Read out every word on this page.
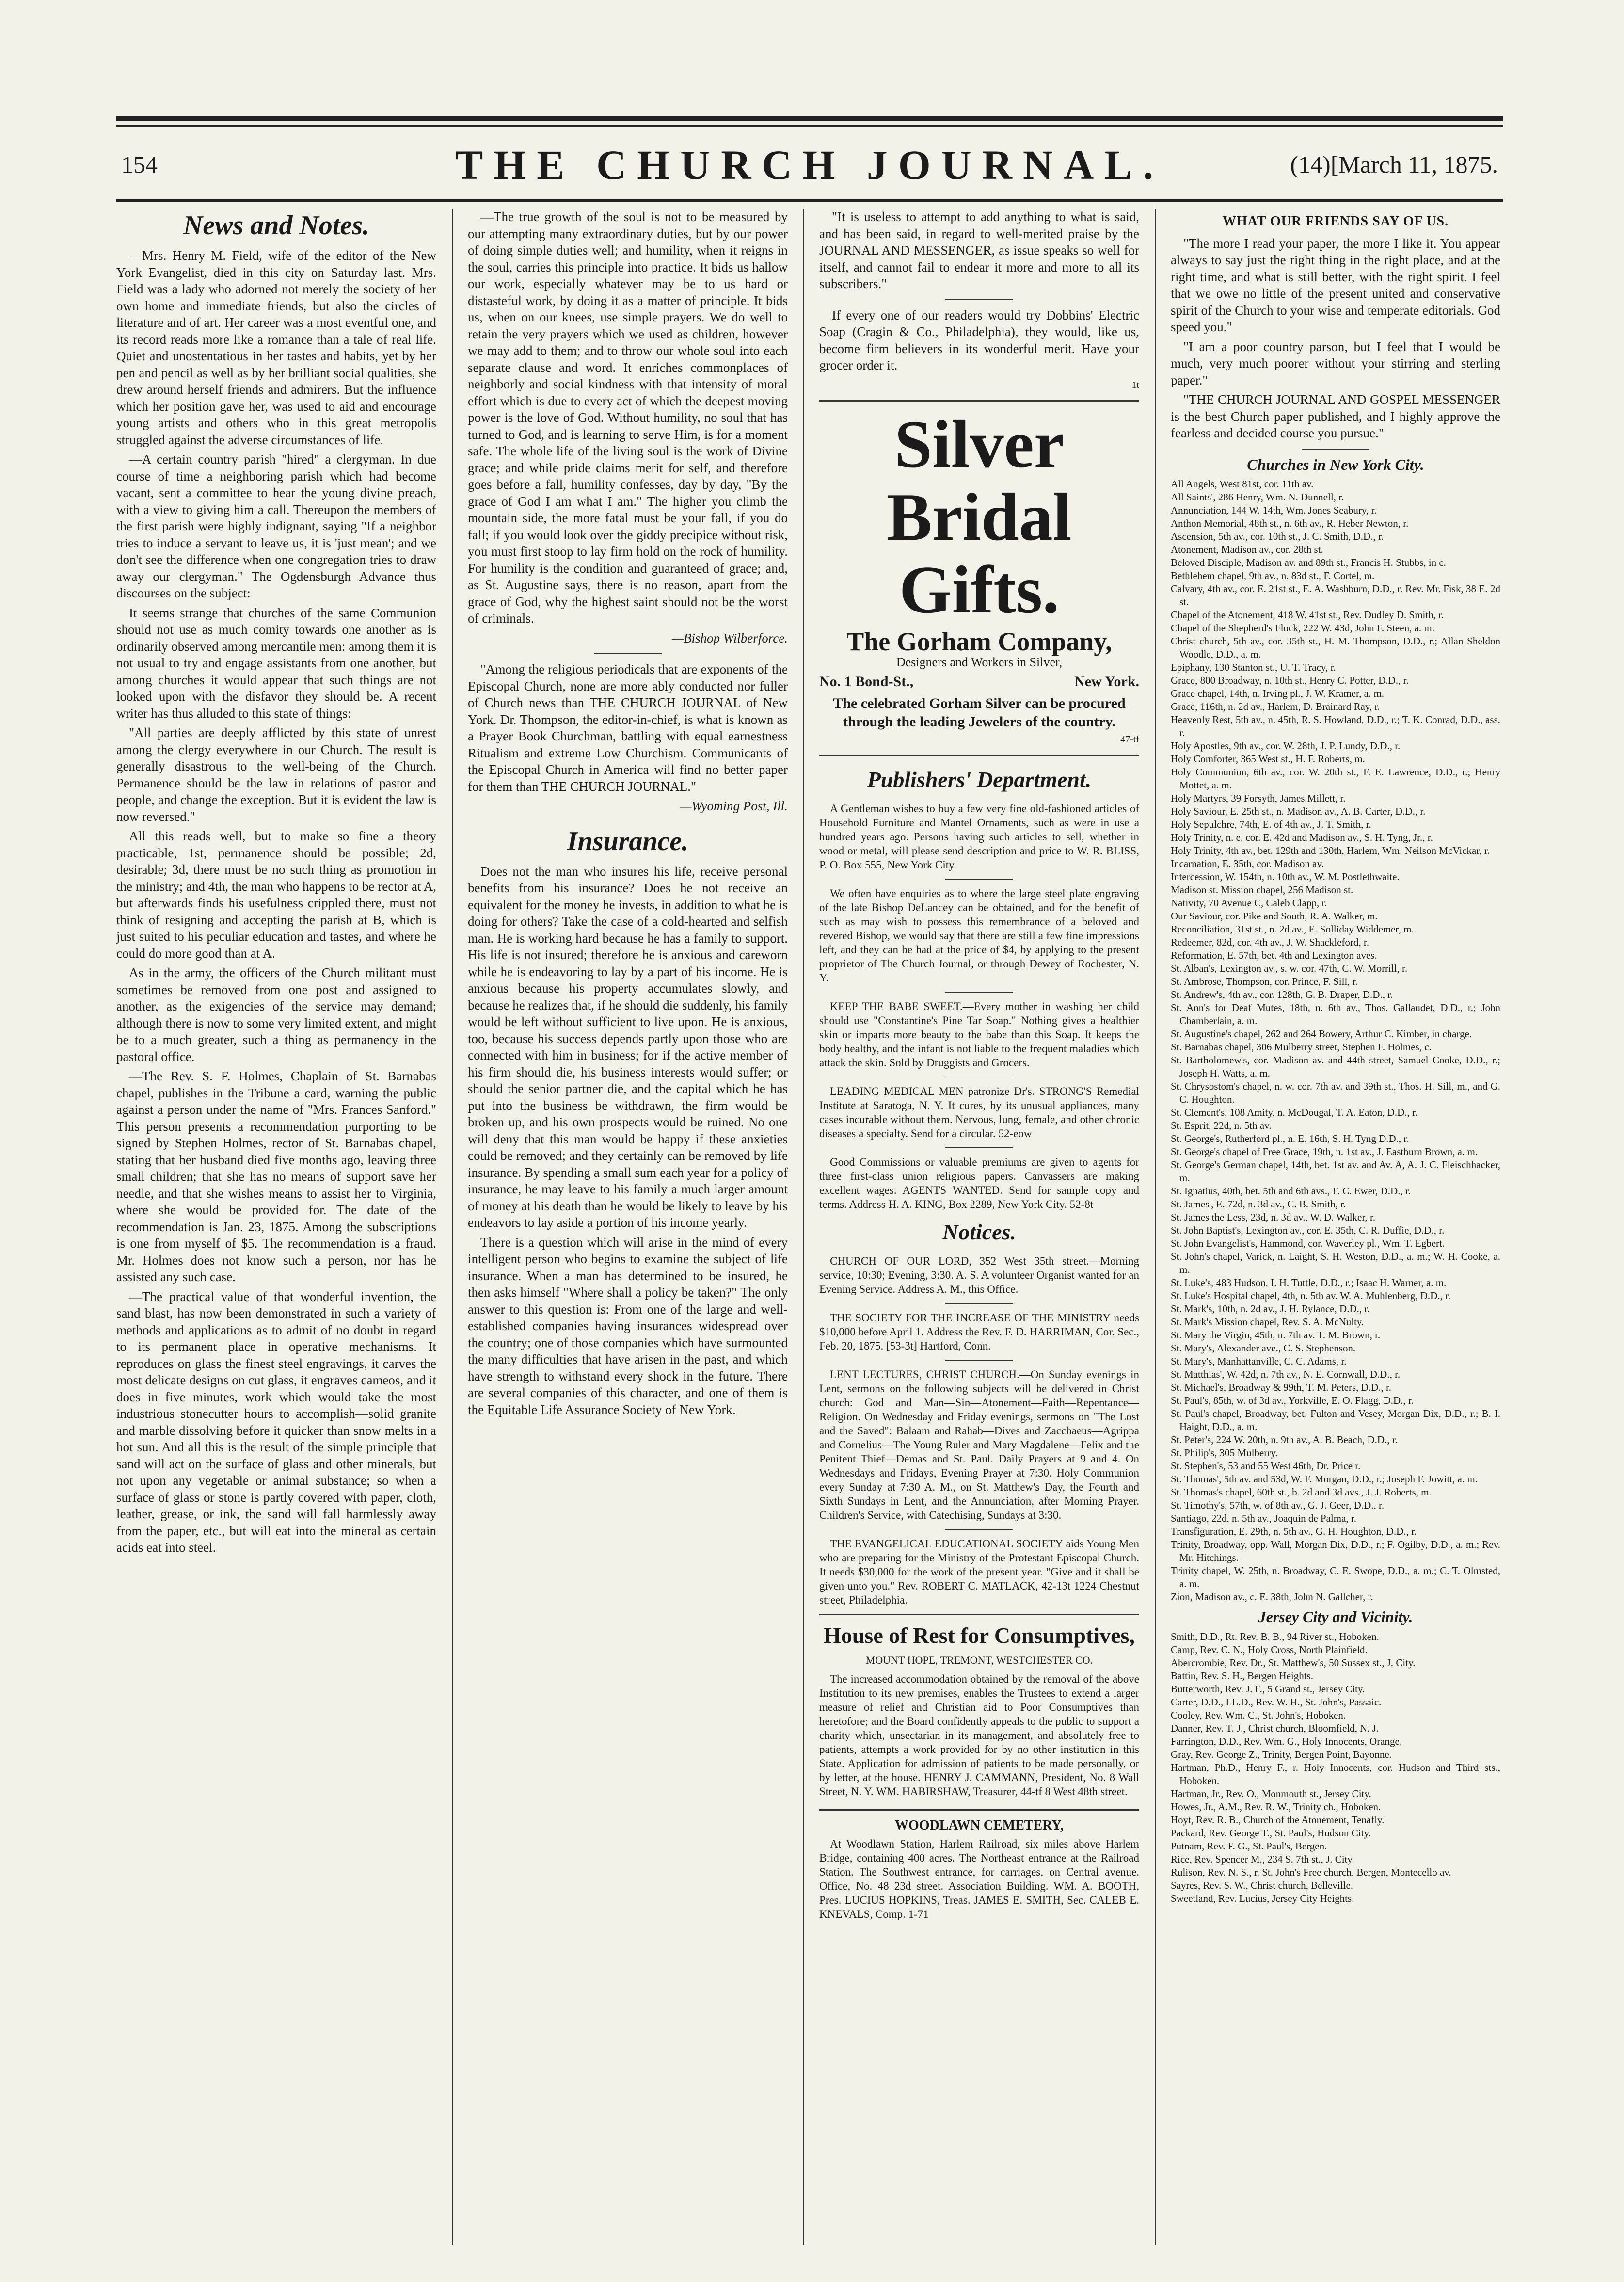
154	THE CHURCH JOURNAL.	(14)[March 11, 1875.
News and Notes.

—Mrs. Henry M. Field, wife of the editor of the New York Evangelist, died in this city on Saturday last. Mrs. Field was a lady who adorned not merely the society of her own home and immediate friends, but also the circles of literature and of art. Her career was a most eventful one, and its record reads more like a romance than a tale of real life. Quiet and unostentatious in her tastes and habits, yet by her pen and pencil as well as by her brilliant social qualities, she drew around herself friends and admirers. But the influence which her position gave her, was used to aid and encourage young artists and others who in this great metropolis struggled against the adverse circumstances of life.

—A certain country parish "hired" a clergyman. In due course of time a neighboring parish which had become vacant, sent a committee to hear the young divine preach, with a view to giving him a call. Thereupon the members of the first parish were highly indignant, saying "If a neighbor tries to induce a servant to leave us, it is 'just mean'; and we don't see the difference when one congregation tries to draw away our clergyman." The Ogdensburgh Advance thus discourses on the subject:

It seems strange that churches of the same Communion should not use as much comity towards one another as is ordinarily observed among mercantile men: among them it is not usual to try and engage assistants from one another, but among churches it would appear that such things are not looked upon with the disfavor they should be. A recent writer has thus alluded to this state of things:

"All parties are deeply afflicted by this state of unrest among the clergy everywhere in our Church. The result is generally disastrous to the well-being of the Church. Permanence should be the law in relations of pastor and people, and change the exception. But it is evident the law is now reversed."

All this reads well, but to make so fine a theory practicable, 1st, permanence should be possible; 2d, desirable; 3d, there must be no such thing as promotion in the ministry; and 4th, the man who happens to be rector at A, but afterwards finds his usefulness crippled there, must not think of resigning and accepting the parish at B, which is just suited to his peculiar education and tastes, and where he could do more good than at A.

As in the army, the officers of the Church militant must sometimes be removed from one post and assigned to another, as the exigencies of the service may demand; although there is now to some very limited extent, and might be to a much greater, such a thing as permanency in the pastoral office.

—The Rev. S. F. Holmes, Chaplain of St. Barnabas chapel, publishes in the Tribune a card, warning the public against a person under the name of "Mrs. Frances Sanford." This person presents a recommendation purporting to be signed by Stephen Holmes, rector of St. Barnabas chapel, stating that her husband died five months ago, leaving three small children; that she has no means of support save her needle, and that she wishes means to assist her to Virginia, where she would be provided for. The date of the recommendation is Jan. 23, 1875. Among the subscriptions is one from myself of $5. The recommendation is a fraud. Mr. Holmes does not know such a person, nor has he assisted any such case.

—The practical value of that wonderful invention, the sand blast, has now been demonstrated in such a variety of methods and applications as to admit of no doubt in regard to its permanent place in operative mechanisms. It reproduces on glass the finest steel engravings, it carves the most delicate designs on cut glass, it engraves cameos, and it does in five minutes, work which would take the most industrious stonecutter hours to accomplish—solid granite and marble dissolving before it quicker than snow melts in a hot sun. And all this is the result of the simple principle that sand will act on the surface of glass and other minerals, but not upon any vegetable or animal substance; so when a surface of glass or stone is partly covered with paper, cloth, leather, grease, or ink, the sand will fall harmlessly away from the paper, etc., but will eat into the mineral as certain acids eat into steel.

—The true growth of the soul is not to be measured by our attempting many extraordinary duties, but by our power of doing simple duties well; and humility, when it reigns in the soul, carries this principle into practice. It bids us hallow our work, especially whatever may be to us hard or distasteful work, by doing it as a matter of principle. It bids us, when on our knees, use simple prayers. We do well to retain the very prayers which we used as children, however we may add to them; and to throw our whole soul into each separate clause and word. It enriches commonplaces of neighborly and social kindness with that intensity of moral effort which is due to every act of which the deepest moving power is the love of God. Without humility, no soul that has turned to God, and is learning to serve Him, is for a moment safe. The whole life of the living soul is the work of Divine grace; and while pride claims merit for self, and therefore goes before a fall, humility confesses, day by day, "By the grace of God I am what I am." The higher you climb the mountain side, the more fatal must be your fall, if you do fall; if you would look over the giddy precipice without risk, you must first stoop to lay firm hold on the rock of humility. For humility is the condition and guaranteed of grace; and, as St. Augustine says, there is no reason, apart from the grace of God, why the highest saint should not be the worst of criminals.

—Bishop Wilberforce.

"Among the religious periodicals that are exponents of the Episcopal Church, none are more ably conducted nor fuller of Church news than THE CHURCH JOURNAL of New York. Dr. Thompson, the editor-in-chief, is what is known as a Prayer Book Churchman, battling with equal earnestness Ritualism and extreme Low Churchism. Communicants of the Episcopal Church in America will find no better paper for them than THE CHURCH JOURNAL."

—Wyoming Post, Ill.
Insurance.

Does not the man who insures his life, receive personal benefits from his insurance? Does he not receive an equivalent for the money he invests, in addition to what he is doing for others? Take the case of a cold-hearted and selfish man. He is working hard because he has a family to support. His life is not insured; therefore he is anxious and careworn while he is endeavoring to lay by a part of his income. He is anxious because his property accumulates slowly, and because he realizes that, if he should die suddenly, his family would be left without sufficient to live upon. He is anxious, too, because his success depends partly upon those who are connected with him in business; for if the active member of his firm should die, his business interests would suffer; or should the senior partner die, and the capital which he has put into the business be withdrawn, the firm would be broken up, and his own prospects would be ruined. No one will deny that this man would be happy if these anxieties could be removed; and they certainly can be removed by life insurance. By spending a small sum each year for a policy of insurance, he may leave to his family a much larger amount of money at his death than he would be likely to leave by his endeavors to lay aside a portion of his income yearly.

There is a question which will arise in the mind of every intelligent person who begins to examine the subject of life insurance. When a man has determined to be insured, he then asks himself "Where shall a policy be taken?" The only answer to this question is: From one of the large and well-established companies having insurances widespread over the country; one of those companies which have surmounted the many difficulties that have arisen in the past, and which have strength to withstand every shock in the future. There are several companies of this character, and one of them is the Equitable Life Assurance Society of New York.

"It is useless to attempt to add anything to what is said, and has been said, in regard to well-merited praise by the JOURNAL AND MESSENGER, as issue speaks so well for itself, and cannot fail to endear it more and more to all its subscribers."

If every one of our readers would try Dobbins' Electric Soap (Cragin & Co., Philadelphia), they would, like us, become firm believers in its wonderful merit. Have your grocer order it.

1t
Silver
Bridal Gifts.
The Gorham Company,
Designers and Workers in Silver,
No. 1 Bond-St.,	New York.
The celebrated Gorham Silver can be procured through the leading Jewelers of the country.
47-tf
Publishers' Department.

A Gentleman wishes to buy a few very fine old-fashioned articles of Household Furniture and Mantel Ornaments, such as were in use a hundred years ago. Persons having such articles to sell, whether in wood or metal, will please send description and price to W. R. BLISS, P. O. Box 555, New York City.

We often have enquiries as to where the large steel plate engraving of the late Bishop DeLancey can be obtained, and for the benefit of such as may wish to possess this remembrance of a beloved and revered Bishop, we would say that there are still a few fine impressions left, and they can be had at the price of $4, by applying to the present proprietor of The Church Journal, or through Dewey of Rochester, N. Y.

KEEP THE BABE SWEET.—Every mother in washing her child should use "Constantine's Pine Tar Soap." Nothing gives a healthier skin or imparts more beauty to the babe than this Soap. It keeps the body healthy, and the infant is not liable to the frequent maladies which attack the skin. Sold by Druggists and Grocers.

LEADING MEDICAL MEN patronize Dr's. STRONG'S Remedial Institute at Saratoga, N. Y. It cures, by its unusual appliances, many cases incurable without them. Nervous, lung, female, and other chronic diseases a specialty. Send for a circular. 52-eow

Good Commissions or valuable premiums are given to agents for three first-class union religious papers. Canvassers are making excellent wages. AGENTS WANTED. Send for sample copy and terms. Address H. A. KING, Box 2289, New York City. 52-8t

Notices.

CHURCH OF OUR LORD, 352 West 35th street.—Morning service, 10:30; Evening, 3:30. A. S. A volunteer Organist wanted for an Evening Service. Address A. M., this Office.

THE SOCIETY FOR THE INCREASE OF THE MINISTRY needs $10,000 before April 1. Address the Rev. F. D. HARRIMAN, Cor. Sec., Feb. 20, 1875. [53-3t] Hartford, Conn.

LENT LECTURES, CHRIST CHURCH.—On Sunday evenings in Lent, sermons on the following subjects will be delivered in Christ church: God and Man—Sin—Atonement—Faith—Repentance—Religion. On Wednesday and Friday evenings, sermons on "The Lost and the Saved": Balaam and Rahab—Dives and Zacchaeus—Agrippa and Cornelius—The Young Ruler and Mary Magdalene—Felix and the Penitent Thief—Demas and St. Paul. Daily Prayers at 9 and 4. On Wednesdays and Fridays, Evening Prayer at 7:30. Holy Communion every Sunday at 7:30 A. M., on St. Matthew's Day, the Fourth and Sixth Sundays in Lent, and the Annunciation, after Morning Prayer. Children's Service, with Catechising, Sundays at 3:30.

THE EVANGELICAL EDUCATIONAL SOCIETY aids Young Men who are preparing for the Ministry of the Protestant Episcopal Church. It needs $30,000 for the work of the present year. "Give and it shall be given unto you." Rev. ROBERT C. MATLACK, 42-13t 1224 Chestnut street, Philadelphia.

House of Rest for Consumptives,
MOUNT HOPE, TREMONT, WESTCHESTER CO.

The increased accommodation obtained by the removal of the above Institution to its new premises, enables the Trustees to extend a larger measure of relief and Christian aid to Poor Consumptives than heretofore; and the Board confidently appeals to the public to support a charity which, unsectarian in its management, and absolutely free to patients, attempts a work provided for by no other institution in this State. Application for admission of patients to be made personally, or by letter, at the house. HENRY J. CAMMANN, President, No. 8 Wall Street, N. Y. WM. HABIRSHAW, Treasurer, 44-tf 8 West 48th street.

WOODLAWN CEMETERY,

At Woodlawn Station, Harlem Railroad, six miles above Harlem Bridge, containing 400 acres. The Northeast entrance at the Railroad Station. The Southwest entrance, for carriages, on Central avenue. Office, No. 48 23d street. Association Building. WM. A. BOOTH, Pres. LUCIUS HOPKINS, Treas. JAMES E. SMITH, Sec. CALEB E. KNEVALS, Comp. 1-71

WHAT OUR FRIENDS SAY OF US.

"The more I read your paper, the more I like it. You appear always to say just the right thing in the right place, and at the right time, and what is still better, with the right spirit. I feel that we owe no little of the present united and conservative spirit of the Church to your wise and temperate editorials. God speed you."

"I am a poor country parson, but I feel that I would be much, very much poorer without your stirring and sterling paper."

"THE CHURCH JOURNAL AND GOSPEL MESSENGER is the best Church paper published, and I highly approve the fearless and decided course you pursue."

Churches in New York City.

All Angels, West 81st, cor. 11th av.

All Saints', 286 Henry, Wm. N. Dunnell, r.

Annunciation, 144 W. 14th, Wm. Jones Seabury, r.

Anthon Memorial, 48th st., n. 6th av., R. Heber Newton, r.

Ascension, 5th av., cor. 10th st., J. C. Smith, D.D., r.

Atonement, Madison av., cor. 28th st.

Beloved Disciple, Madison av. and 89th st., Francis H. Stubbs, in c.

Bethlehem chapel, 9th av., n. 83d st., F. Cortel, m.

Calvary, 4th av., cor. E. 21st st., E. A. Washburn, D.D., r. Rev. Mr. Fisk, 38 E. 2d st.

Chapel of the Atonement, 418 W. 41st st., Rev. Dudley D. Smith, r.

Chapel of the Shepherd's Flock, 222 W. 43d, John F. Steen, a. m.

Christ church, 5th av., cor. 35th st., H. M. Thompson, D.D., r.; Allan Sheldon Woodle, D.D., a. m.

Epiphany, 130 Stanton st., U. T. Tracy, r.

Grace, 800 Broadway, n. 10th st., Henry C. Potter, D.D., r.

Grace chapel, 14th, n. Irving pl., J. W. Kramer, a. m.

Grace, 116th, n. 2d av., Harlem, D. Brainard Ray, r.

Heavenly Rest, 5th av., n. 45th, R. S. Howland, D.D., r.; T. K. Conrad, D.D., ass. r.

Holy Apostles, 9th av., cor. W. 28th, J. P. Lundy, D.D., r.

Holy Comforter, 365 West st., H. F. Roberts, m.

Holy Communion, 6th av., cor. W. 20th st., F. E. Lawrence, D.D., r.; Henry Mottet, a. m.

Holy Martyrs, 39 Forsyth, James Millett, r.

Holy Saviour, E. 25th st., n. Madison av., A. B. Carter, D.D., r.

Holy Sepulchre, 74th, E. of 4th av., J. T. Smith, r.

Holy Trinity, n. e. cor. E. 42d and Madison av., S. H. Tyng, Jr., r.

Holy Trinity, 4th av., bet. 129th and 130th, Harlem, Wm. Neilson McVickar, r.

Incarnation, E. 35th, cor. Madison av.

Intercession, W. 154th, n. 10th av., W. M. Postlethwaite.

Madison st. Mission chapel, 256 Madison st.

Nativity, 70 Avenue C, Caleb Clapp, r.

Our Saviour, cor. Pike and South, R. A. Walker, m.

Reconciliation, 31st st., n. 2d av., E. Solliday Widdemer, m.

Redeemer, 82d, cor. 4th av., J. W. Shackleford, r.

Reformation, E. 57th, bet. 4th and Lexington aves.

St. Alban's, Lexington av., s. w. cor. 47th, C. W. Morrill, r.

St. Ambrose, Thompson, cor. Prince, F. Sill, r.

St. Andrew's, 4th av., cor. 128th, G. B. Draper, D.D., r.

St. Ann's for Deaf Mutes, 18th, n. 6th av., Thos. Gallaudet, D.D., r.; John Chamberlain, a. m.

St. Augustine's chapel, 262 and 264 Bowery, Arthur C. Kimber, in charge.

St. Barnabas chapel, 306 Mulberry street, Stephen F. Holmes, c.

St. Bartholomew's, cor. Madison av. and 44th street, Samuel Cooke, D.D., r.; Joseph H. Watts, a. m.

St. Chrysostom's chapel, n. w. cor. 7th av. and 39th st., Thos. H. Sill, m., and G. C. Houghton.

St. Clement's, 108 Amity, n. McDougal, T. A. Eaton, D.D., r.

St. Esprit, 22d, n. 5th av.

St. George's, Rutherford pl., n. E. 16th, S. H. Tyng D.D., r.

St. George's chapel of Free Grace, 19th, n. 1st av., J. Eastburn Brown, a. m.

St. George's German chapel, 14th, bet. 1st av. and Av. A, A. J. C. Fleischhacker, m.

St. Ignatius, 40th, bet. 5th and 6th avs., F. C. Ewer, D.D., r.

St. James', E. 72d, n. 3d av., C. B. Smith, r.

St. James the Less, 23d, n. 3d av., W. D. Walker, r.

St. John Baptist's, Lexington av., cor. E. 35th, C. R. Duffie, D.D., r.

St. John Evangelist's, Hammond, cor. Waverley pl., Wm. T. Egbert.

St. John's chapel, Varick, n. Laight, S. H. Weston, D.D., a. m.; W. H. Cooke, a. m.

St. Luke's, 483 Hudson, I. H. Tuttle, D.D., r.; Isaac H. Warner, a. m.

St. Luke's Hospital chapel, 4th, n. 5th av. W. A. Muhlenberg, D.D., r.

St. Mark's, 10th, n. 2d av., J. H. Rylance, D.D., r.

St. Mark's Mission chapel, Rev. S. A. McNulty.

St. Mary the Virgin, 45th, n. 7th av. T. M. Brown, r.

St. Mary's, Alexander ave., C. S. Stephenson.

St. Mary's, Manhattanville, C. C. Adams, r.

St. Matthias', W. 42d, n. 7th av., N. E. Cornwall, D.D., r.

St. Michael's, Broadway & 99th, T. M. Peters, D.D., r.

St. Paul's, 85th, w. of 3d av., Yorkville, E. O. Flagg, D.D., r.

St. Paul's chapel, Broadway, bet. Fulton and Vesey, Morgan Dix, D.D., r.; B. I. Haight, D.D., a. m.

St. Peter's, 224 W. 20th, n. 9th av., A. B. Beach, D.D., r.

St. Philip's, 305 Mulberry.

St. Stephen's, 53 and 55 West 46th, Dr. Price r.

St. Thomas', 5th av. and 53d, W. F. Morgan, D.D., r.; Joseph F. Jowitt, a. m.

St. Thomas's chapel, 60th st., b. 2d and 3d avs., J. J. Roberts, m.

St. Timothy's, 57th, w. of 8th av., G. J. Geer, D.D., r.

Santiago, 22d, n. 5th av., Joaquin de Palma, r.

Transfiguration, E. 29th, n. 5th av., G. H. Houghton, D.D., r.

Trinity, Broadway, opp. Wall, Morgan Dix, D.D., r.; F. Ogilby, D.D., a. m.; Rev. Mr. Hitchings.

Trinity chapel, W. 25th, n. Broadway, C. E. Swope, D.D., a. m.; C. T. Olmsted, a. m.

Zion, Madison av., c. E. 38th, John N. Gallcher, r.

Jersey City and Vicinity.

Smith, D.D., Rt. Rev. B. B., 94 River st., Hoboken.

Camp, Rev. C. N., Holy Cross, North Plainfield.

Abercrombie, Rev. Dr., St. Matthew's, 50 Sussex st., J. City.

Battin, Rev. S. H., Bergen Heights.

Butterworth, Rev. J. F., 5 Grand st., Jersey City.

Carter, D.D., LL.D., Rev. W. H., St. John's, Passaic.

Cooley, Rev. Wm. C., St. John's, Hoboken.

Danner, Rev. T. J., Christ church, Bloomfield, N. J.

Farrington, D.D., Rev. Wm. G., Holy Innocents, Orange.

Gray, Rev. George Z., Trinity, Bergen Point, Bayonne.

Hartman, Ph.D., Henry F., r. Holy Innocents, cor. Hudson and Third sts., Hoboken.

Hartman, Jr., Rev. O., Monmouth st., Jersey City.

Howes, Jr., A.M., Rev. R. W., Trinity ch., Hoboken.

Hoyt, Rev. R. B., Church of the Atonement, Tenafly.

Packard, Rev. George T., St. Paul's, Hudson City.

Putnam, Rev. F. G., St. Paul's, Bergen.

Rice, Rev. Spencer M., 234 S. 7th st., J. City.

Rulison, Rev. N. S., r. St. John's Free church, Bergen, Montecello av.

Sayres, Rev. S. W., Christ church, Belleville.

Sweetland, Rev. Lucius, Jersey City Heights.
